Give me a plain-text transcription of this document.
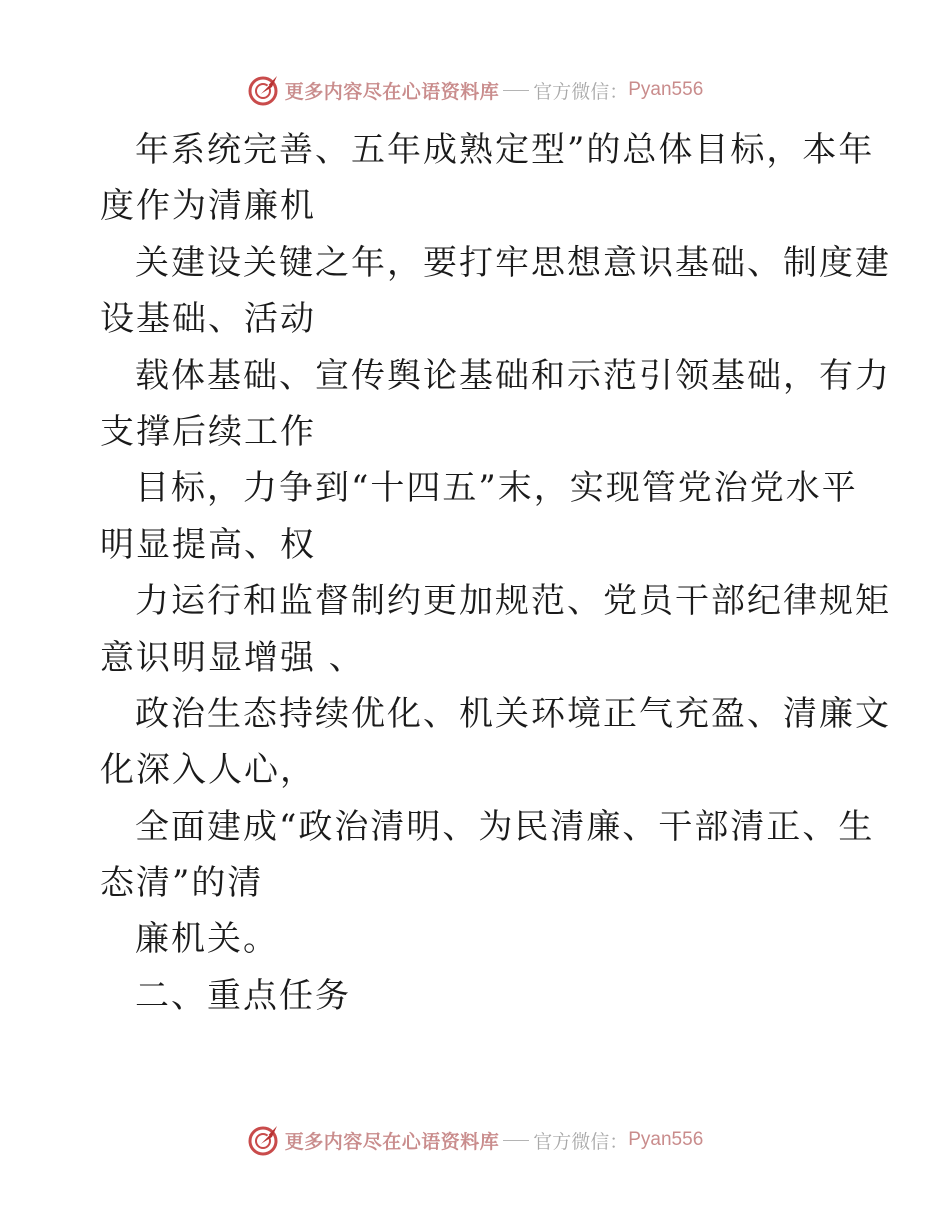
更多内容尽在心语资料库 官方微信： Pyan556
年系统完善、五年成熟定型”的总体目标，本年
度作为清廉机
关建设关键之年，要打牢思想意识基础、制度建
设基础、活动
载体基础、宣传舆论基础和示范引领基础，有力
支撑后续工作
目标，力争到“十四五”末，实现管党治党水平
明显提高、权
力运行和监督制约更加规范、党员干部纪律规矩
意识明显增强 、
政治生态持续优化、机关环境正气充盈、清廉文
化深入人心，
全面建成“政治清明、为民清廉、干部清正、生
态清”的清
廉机关。
二、重点任务
更多内容尽在心语资料库 官方微信： Pyan556
